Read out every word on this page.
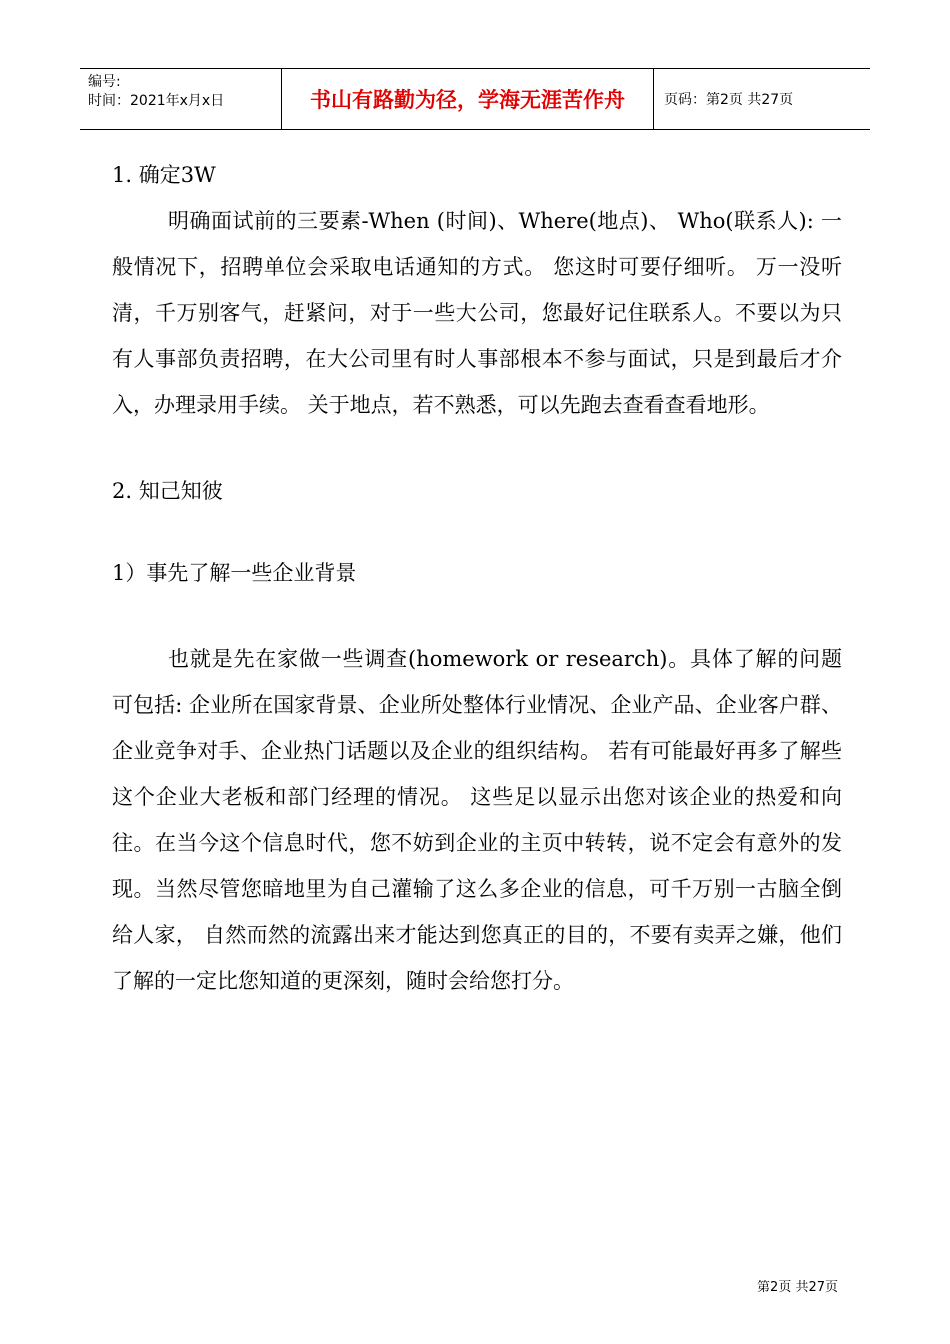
编号:
时间：2021年x月x日	书山有路勤为径，学海无涯苦作舟	页码：第2页 共27页

1. 确定3W

明确面试前的三要素-When (时间)、Where(地点)、 Who(联系人): 一般情况下，招聘单位会采取电话通知的方式。 您这时可要仔细听。 万一没听清，千万别客气，赶紧问，对于一些大公司，您最好记住联系人。不要以为只有人事部负责招聘，在大公司里有时人事部根本不参与面试，只是到最后才介入，办理录用手续。 关于地点，若不熟悉，可以先跑去查看查看地形。

2. 知己知彼

1）事先了解一些企业背景

也就是先在家做一些调查(homework or research)。具体了解的问题可包括: 企业所在国家背景、企业所处整体行业情况、企业产品、企业客户群、企业竞争对手、企业热门话题以及企业的组织结构。 若有可能最好再多了解些这个企业大老板和部门经理的情况。 这些足以显示出您对该企业的热爱和向往。在当今这个信息时代，您不妨到企业的主页中转转，说不定会有意外的发现。当然尽管您暗地里为自己灌输了这么多企业的信息，可千万别一古脑全倒给人家， 自然而然的流露出来才能达到您真正的目的，不要有卖弄之嫌，他们了解的一定比您知道的更深刻，随时会给您打分。

第2页 共27页
